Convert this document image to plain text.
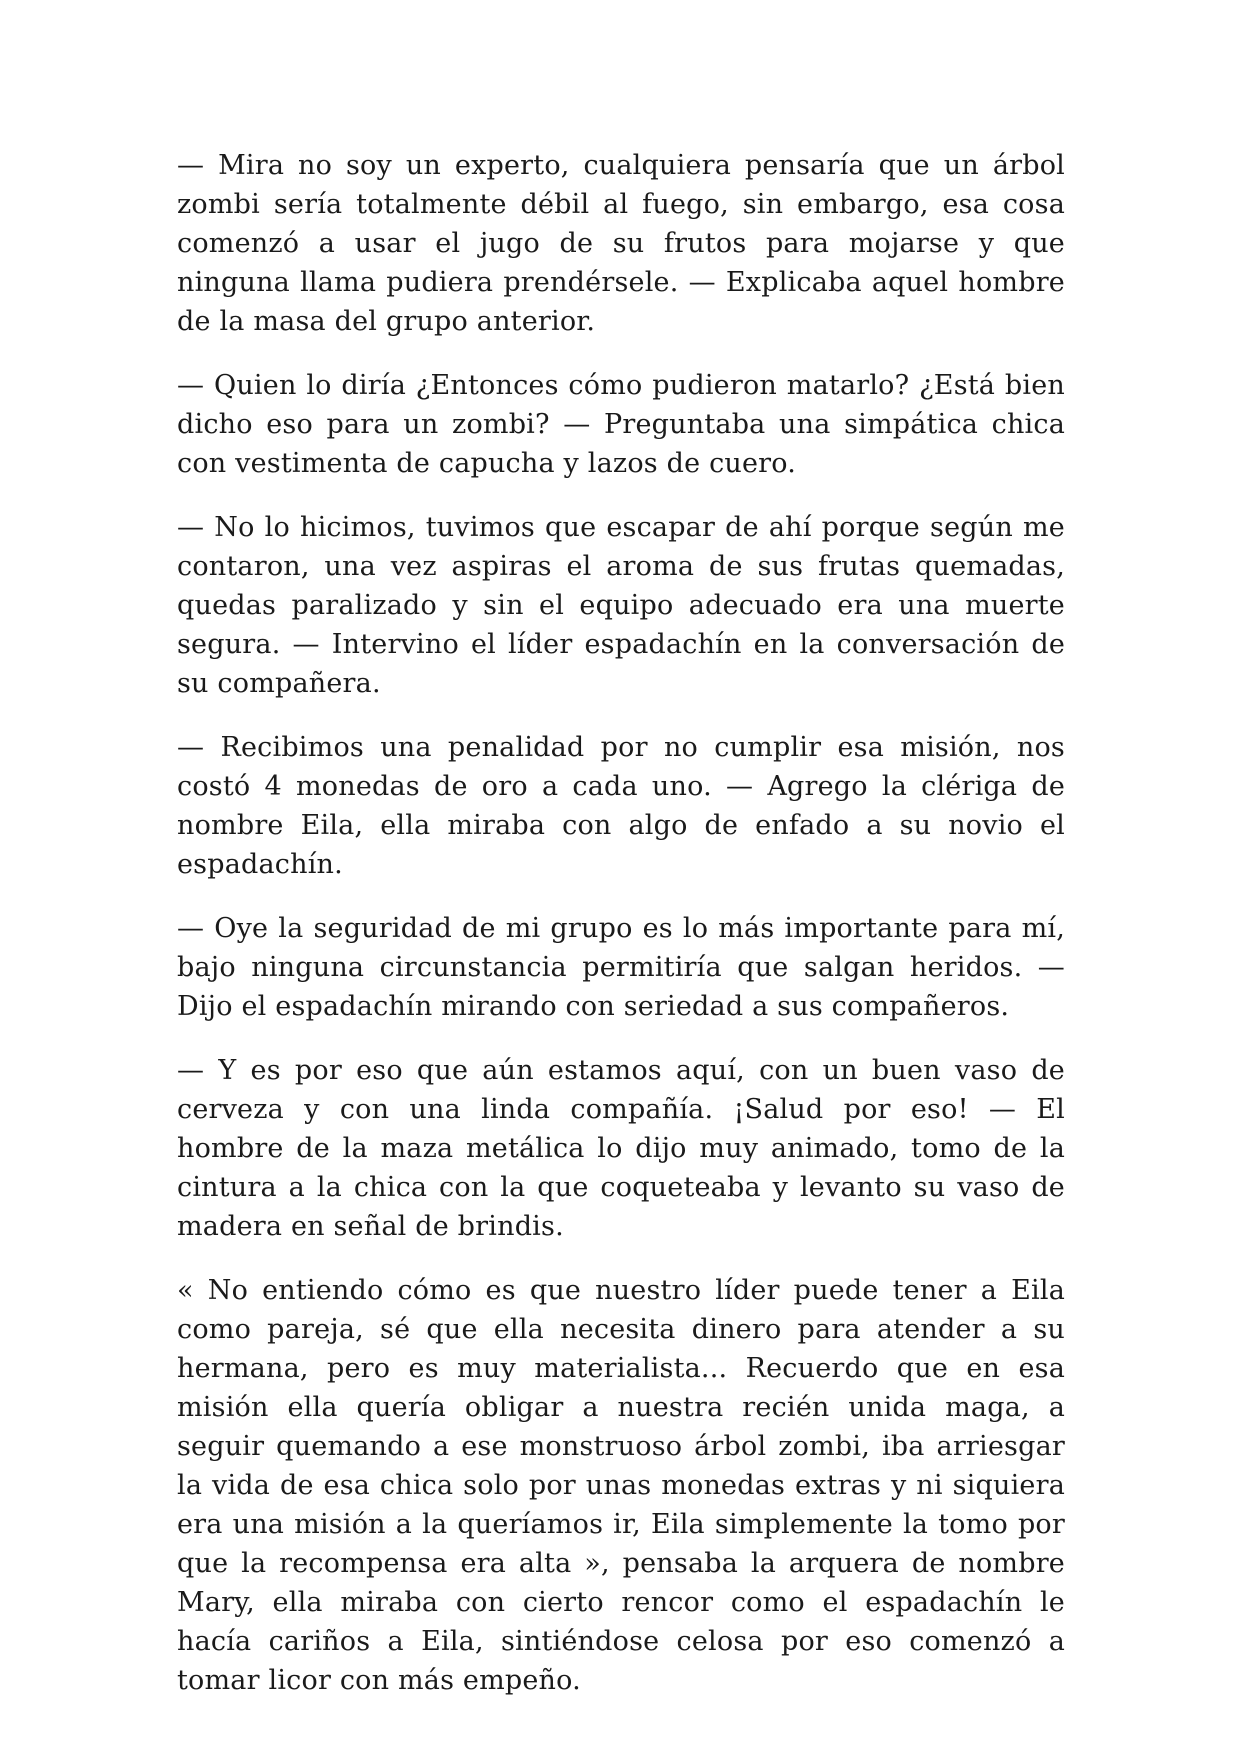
— Mira no soy un experto, cualquiera pensaría que un árbol zombi sería totalmente débil al fuego, sin embargo, esa cosa comenzó a usar el jugo de su frutos para mojarse y que ninguna llama pudiera prendérsele. — Explicaba aquel hombre de la masa del grupo anterior.

— Quien lo diría ¿Entonces cómo pudieron matarlo? ¿Está bien dicho eso para un zombi? — Preguntaba una simpática chica con vestimenta de capucha y lazos de cuero.

— No lo hicimos, tuvimos que escapar de ahí porque según me contaron, una vez aspiras el aroma de sus frutas quemadas, quedas paralizado y sin el equipo adecuado era una muerte segura. — Intervino el líder espadachín en la conversación de su compañera.

— Recibimos una penalidad por no cumplir esa misión, nos costó 4 monedas de oro a cada uno. — Agrego la clériga de nombre Eila, ella miraba con algo de enfado a su novio el espadachín.

— Oye la seguridad de mi grupo es lo más importante para mí, bajo ninguna circunstancia permitiría que salgan heridos. — Dijo el espadachín mirando con seriedad a sus compañeros.

— Y es por eso que aún estamos aquí, con un buen vaso de cerveza y con una linda compañía. ¡Salud por eso! — El hombre de la maza metálica lo dijo muy animado, tomo de la cintura a la chica con la que coqueteaba y levanto su vaso de madera en señal de brindis.

« No entiendo cómo es que nuestro líder puede tener a Eila como pareja, sé que ella necesita dinero para atender a su hermana, pero es muy materialista... Recuerdo que en esa misión ella quería obligar a nuestra recién unida maga, a seguir quemando a ese monstruoso árbol zombi, iba arriesgar la vida de esa chica solo por unas monedas extras y ni siquiera era una misión a la queríamos ir, Eila simplemente la tomo por que la recompensa era alta », pensaba la arquera de nombre Mary, ella miraba con cierto rencor como el espadachín le hacía cariños a Eila, sintiéndose celosa por eso comenzó a tomar licor con más empeño.
